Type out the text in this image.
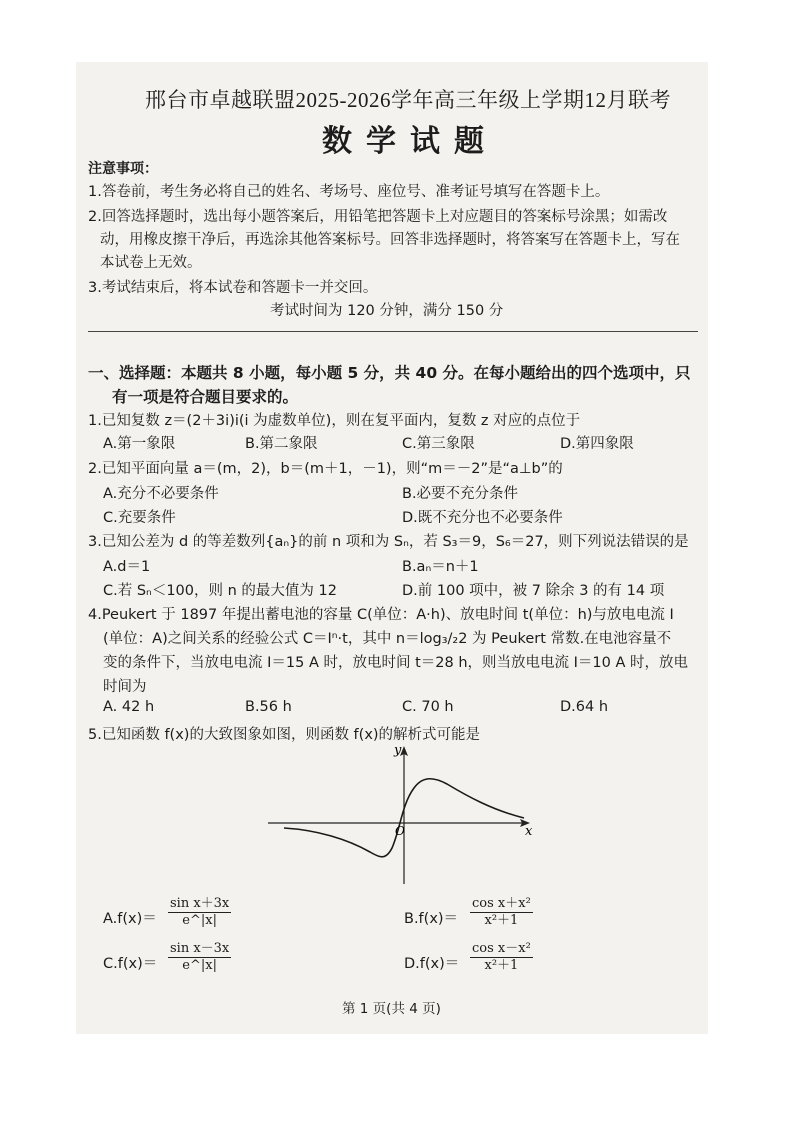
邢台市卓越联盟2025-2026学年高三年级上学期12月联考
数学试题
注意事项：
1.答卷前，考生务必将自己的姓名、考场号、座位号、准考证号填写在答题卡上。
2.回答选择题时，选出每小题答案后，用铅笔把答题卡上对应题目的答案标号涂黑；如需改
动，用橡皮擦干净后，再选涂其他答案标号。回答非选择题时，将答案写在答题卡上，写在
本试卷上无效。
3.考试结束后，将本试卷和答题卡一并交回。
考试时间为 120 分钟，满分 150 分
一、选择题：本题共 8 小题，每小题 5 分，共 40 分。在每小题给出的四个选项中，只
有一项是符合题目要求的。
1.已知复数 z＝(2＋3i)i(i 为虚数单位)，则在复平面内，复数 z 对应的点位于
A.第一象限	B.第二象限	C.第三象限	D.第四象限
2.已知平面向量 a＝(m，2)，b＝(m＋1，－1)，则“m＝－2”是“a⊥b”的
A.充分不必要条件	B.必要不充分条件
C.充要条件	D.既不充分也不必要条件
3.已知公差为 d 的等差数列{aₙ}的前 n 项和为 Sₙ，若 S₃＝9，S₆＝27，则下列说法错误的是
A.d＝1	B.aₙ＝n＋1
C.若 Sₙ＜100，则 n 的最大值为 12	D.前 100 项中，被 7 除余 3 的有 14 项
4.Peukert 于 1897 年提出蓄电池的容量 C(单位：A·h)、放电时间 t(单位：h)与放电电流 I
(单位：A)之间关系的经验公式 C＝Iⁿ·t，其中 n＝log₃/₂2 为 Peukert 常数.在电池容量不
变的条件下，当放电电流 I＝15 A 时，放电时间 t＝28 h，则当放电电流 I＝10 A 时，放电
时间为
A. 42 h	B.56 h	C. 70 h	D.64 h
5.已知函数 f(x)的大致图象如图，则函数 f(x)的解析式可能是
x
y
O
$A.f(x)= \frac{\text{sin x＋3x}}{e\^{}|x|}$	$B.f(x)= \frac{\text{cos x＋x²}}{\text{x²＋1}}$
$C.f(x)= \frac{\text{sin x－3x}}{e\^{}|x|}$	$D.f(x)= \frac{\text{cos x－x²}}{\text{x²＋1}}$
第 1 页(共 4 页)
